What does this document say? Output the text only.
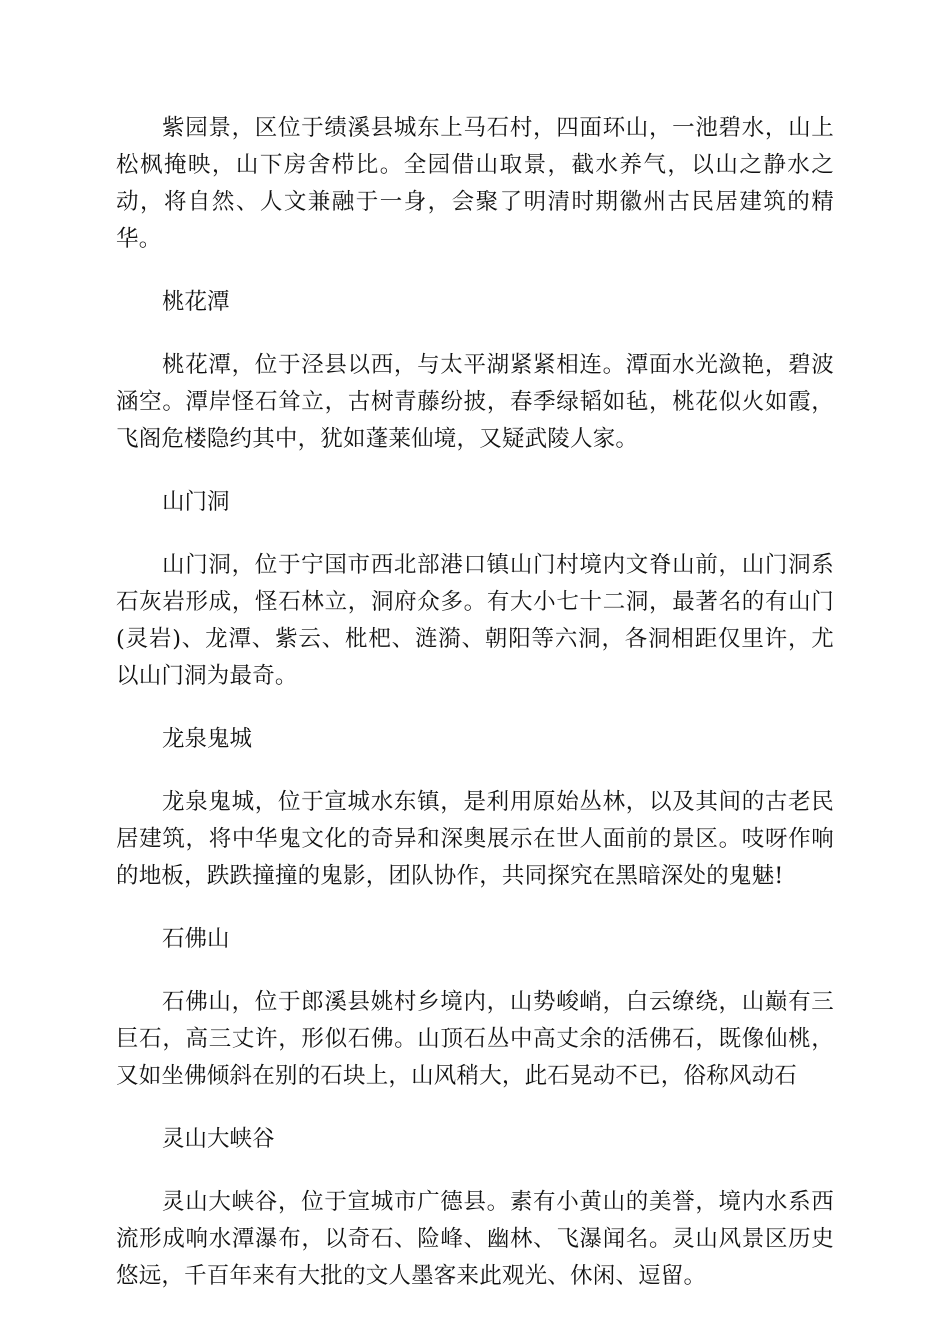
紫园景，区位于绩溪县城东上马石村，四面环山，一池碧水，山上松枫掩映，山下房舍栉比。全园借山取景，截水养气，以山之静水之动，将自然、人文兼融于一身，会聚了明清时期徽州古民居建筑的精华。

桃花潭

桃花潭，位于泾县以西，与太平湖紧紧相连。潭面水光潋艳，碧波涵空。潭岸怪石耸立，古树青藤纷披，春季绿韬如毡，桃花似火如霞，飞阁危楼隐约其中，犹如蓬莱仙境，又疑武陵人家。

山门洞

山门洞，位于宁国市西北部港口镇山门村境内文脊山前，山门洞系石灰岩形成，怪石林立，洞府众多。有大小七十二洞，最著名的有山门(灵岩)、龙潭、紫云、枇杷、涟漪、朝阳等六洞，各洞相距仅里许，尤以山门洞为最奇。

龙泉鬼城

龙泉鬼城，位于宣城水东镇，是利用原始丛林，以及其间的古老民居建筑，将中华鬼文化的奇异和深奥展示在世人面前的景区。吱呀作响的地板，跌跌撞撞的鬼影，团队协作，共同探究在黑暗深处的鬼魅!

石佛山

石佛山，位于郎溪县姚村乡境内，山势峻峭，白云缭绕，山巅有三巨石，高三丈许，形似石佛。山顶石丛中高丈余的活佛石，既像仙桃，又如坐佛倾斜在别的石块上，山风稍大，此石晃动不已，俗称风动石

灵山大峡谷

灵山大峡谷，位于宣城市广德县。素有小黄山的美誉，境内水系西流形成响水潭瀑布，以奇石、险峰、幽林、飞瀑闻名。灵山风景区历史悠远，千百年来有大批的文人墨客来此观光、休闲、逗留。
